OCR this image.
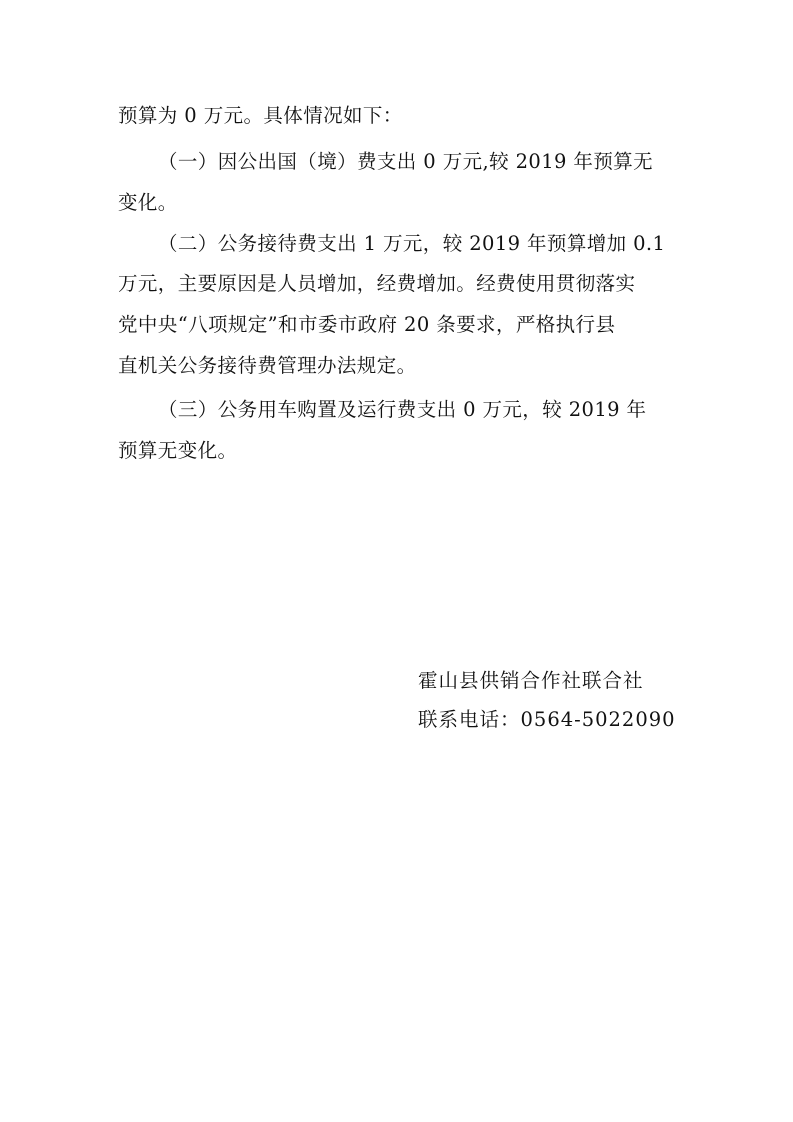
预算为 0 万元。具体情况如下：
（一）因公出国（境）费支出 0 万元,较 2019 年预算无
变化。
（二）公务接待费支出 1 万元，较 2019 年预算增加 0.1
万元，主要原因是人员增加，经费增加。经费使用贯彻落实
党中央“八项规定”和市委市政府 20 条要求，严格执行县
直机关公务接待费管理办法规定。
（三）公务用车购置及运行费支出 0 万元，较 2019 年
预算无变化。
霍山县供销合作社联合社
联系电话：0564-5022090
